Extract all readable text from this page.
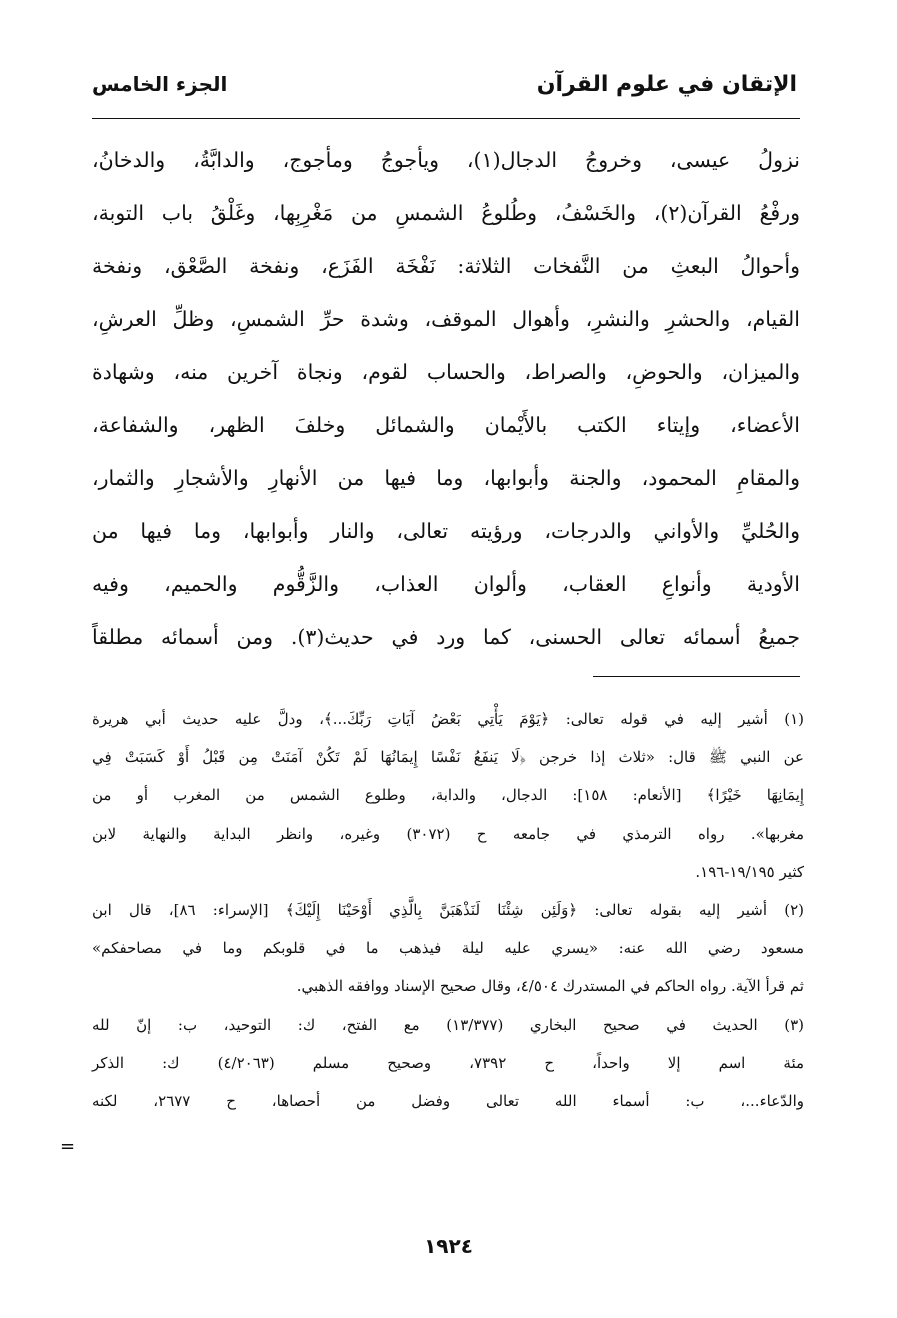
الإتقان في علوم القرآن
الجزء الخامس
نزولُ عيسى، وخروجُ الدجال(١)، ويأجوجُ ومأجوج، والدابَّةُ، والدخانُ،
ورفْعُ القرآن(٢)، والخَسْفُ، وطُلوعُ الشمسِ من مَغْرِبِها، وغَلْقُ باب التوبة،
وأحوالُ البعثِ من النَّفخات الثلاثة: نَفْخَة الفَزَع، ونفخة الصَّعْق، ونفخة
القيام، والحشرِ والنشرِ، وأهوال الموقف، وشدة حرِّ الشمسِ، وظلِّ العرشِ،
والميزان، والحوضِ، والصراط، والحساب لقوم، ونجاة آخرين منه، وشهادة
الأعضاء، وإيتاء الكتب بالأَيْمان والشمائل وخلفَ الظهر، والشفاعة،
والمقامِ المحمود، والجنة وأبوابها، وما فيها من الأنهارِ والأشجارِ والثمار،
والحُليِّ والأواني والدرجات، ورؤيته تعالى، والنار وأبوابها، وما فيها من
الأودية وأنواعِ العقاب، وألوان العذاب، والزَّقُّوم والحميم، وفيه
جميعُ أسمائه تعالى الحسنى، كما ورد في حديث(٣). ومن أسمائه مطلقاً
(١) أشير إليه في قوله تعالى: ﴿يَوْمَ يَأْتِي بَعْضُ آيَاتِ رَبِّكَ...﴾، ودلَّ عليه حديث أبي هريرة
عن النبي ﷺ قال: «ثلاث إذا خرجن ﴿لَا يَنفَعُ نَفْسًا إِيمَانُهَا لَمْ تَكُنْ آمَنَتْ مِن قَبْلُ أَوْ كَسَبَتْ فِي
إِيمَانِهَا خَيْرًا﴾ [الأنعام: ١٥٨]: الدجال، والدابة، وطلوع الشمس من المغرب أو من
مغربها». رواه الترمذي في جامعه ح (٣٠٧٢) وغيره، وانظر البداية والنهاية لابن
كثير ١٩/١٩٥-١٩٦.
(٢) أشير إليه بقوله تعالى: ﴿وَلَئِن شِئْنَا لَنَذْهَبَنَّ بِالَّذِي أَوْحَيْنَا إِلَيْكَ﴾ [الإسراء: ٨٦]، قال ابن
مسعود رضي الله عنه: «يسري عليه ليلة فيذهب ما في قلوبكم وما في مصاحفكم»
ثم قرأ الآية. رواه الحاكم في المستدرك ٤/٥٠٤، وقال صحيح الإسناد ووافقه الذهبي.
(٣) الحديث في صحيح البخاري (١٣/٣٧٧) مع الفتح، ك: التوحيد، ب: إنّ لله
مئة اسم إلا واحداً، ح ٧٣٩٢، وصحيح مسلم (٤/٢٠٦٣) ك: الذكر
والدّعاء...، ب: أسماء الله تعالى وفضل من أحصاها، ح ٢٦٧٧، لكنه
=
١٩٢٤
